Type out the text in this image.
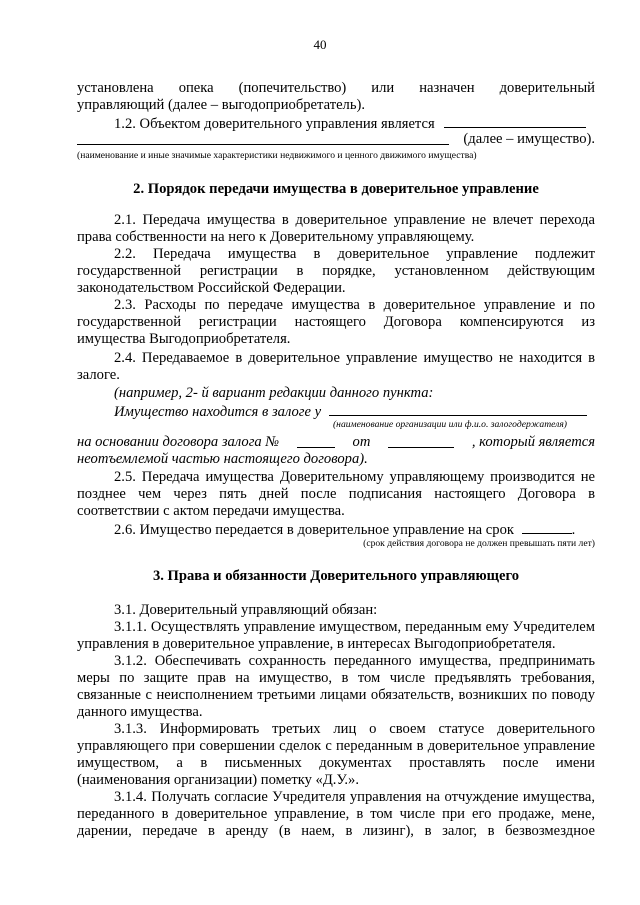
40
установлена опека (попечительство) или назначен доверительный
управляющий (далее – выгодоприобретатель).
1.2. Объектом доверительного управления является
(далее – имущество).
(наименование и иные значимые характеристики недвижимого и ценного движимого имущества)
2. Порядок передачи имущества в доверительное управление
2.1. Передача имущества в доверительное управление не влечет перехода права собственности на него к Доверительному управляющему.
2.2. Передача имущества в доверительное управление подлежит государственной регистрации в порядке, установленном действующим законодательством Российской Федерации.
2.3. Расходы по передаче имущества в доверительное управление и по государственной регистрации настоящего Договора компенсируются из имущества Выгодоприобретателя.
2.4. Передаваемое в доверительное управление имущество не находится в залоге.
(например, 2- й вариант редакции данного пункта:
Имущество находится в залоге у
(наименование организации или ф.и.о. залогодержателя)
на основании договора залога №	от	, который является
неотъемлемой частью настоящего договора).
2.5. Передача имущества Доверительному управляющему производится не позднее чем через пять дней после подписания настоящего Договора в соответствии с актом передачи имущества.
2.6. Имущество передается в доверительное управление на срок	.
(срок действия договора не должен превышать пяти лет)
3. Права и обязанности Доверительного управляющего
3.1. Доверительный управляющий обязан:
3.1.1. Осуществлять управление имуществом, переданным ему Учредителем управления в доверительное управление, в интересах Выгодоприобретателя.
3.1.2. Обеспечивать сохранность переданного имущества, предпринимать меры по защите прав на имущество, в том числе предъявлять требования, связанные с неисполнением третьими лицами обязательств, возникших по поводу данного имущества.
3.1.3. Информировать третьих лиц о своем статусе доверительного управляющего при совершении сделок с переданным в доверительное управление имуществом, а в письменных документах проставлять после имени (наименования организации) пометку «Д.У.».
3.1.4. Получать согласие Учредителя управления на отчуждение имущества, переданного в доверительное управление, в том числе при его продаже, мене, дарении, передаче в аренду (в наем, в лизинг), в залог, в безвозмездное
